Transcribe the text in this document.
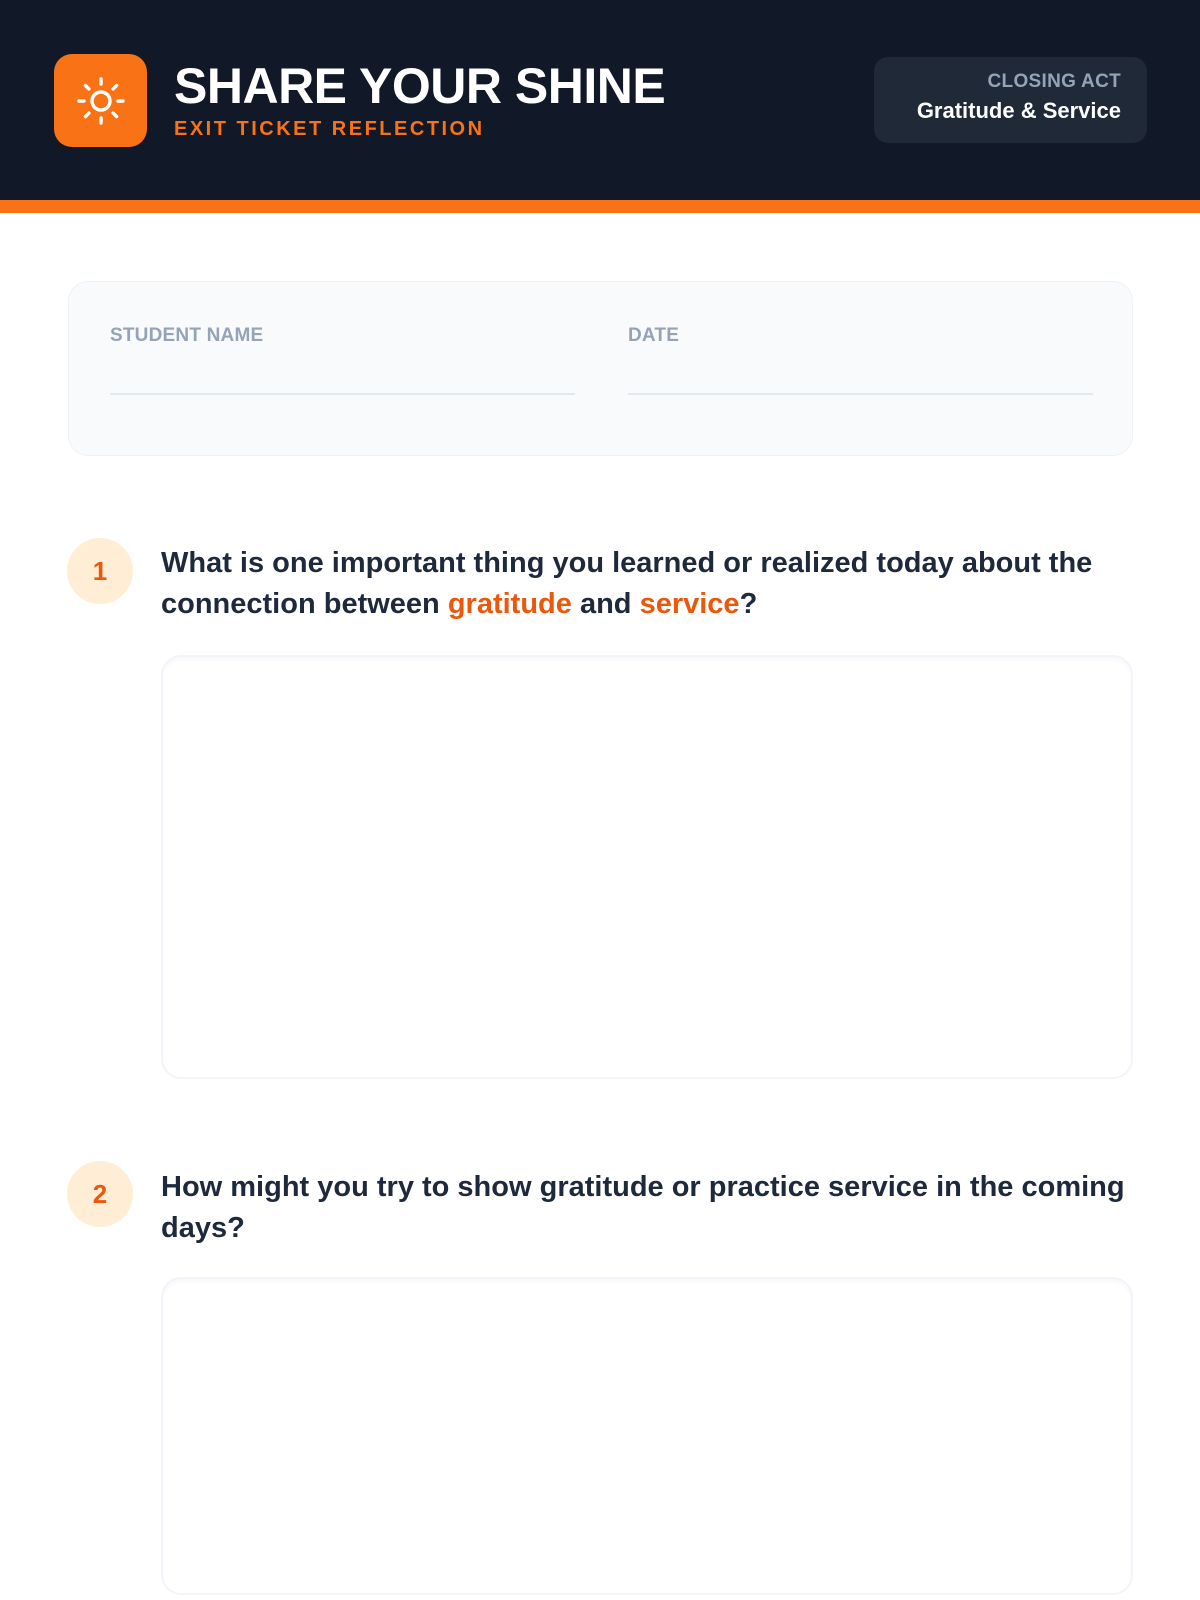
SHARE YOUR SHINE
EXIT TICKET REFLECTION
CLOSING ACT
Gratitude & Service
STUDENT NAME	DATE
1	What is one important thing you learned or realized today about the connection between gratitude and service?
2	How might you try to show gratitude or practice service in the coming days?
